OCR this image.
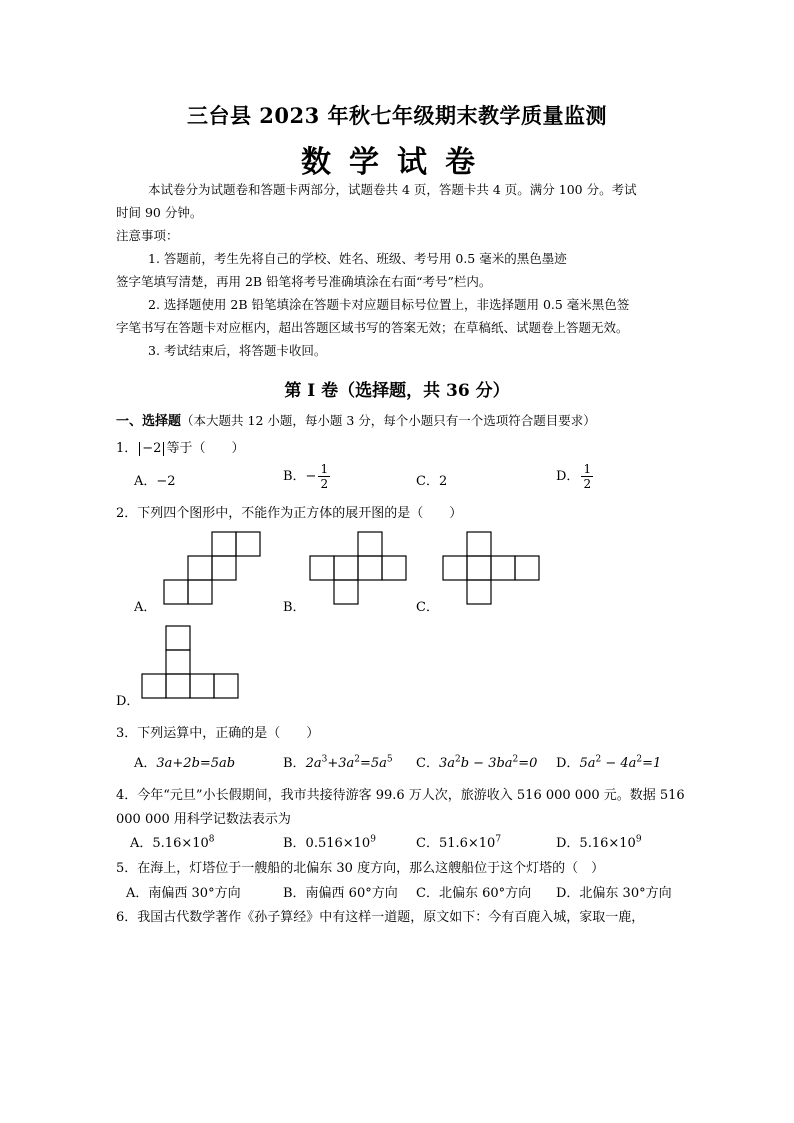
三台县 2023 年秋七年级期末教学质量监测
数学试卷
本试卷分为试题卷和答题卡两部分，试题卷共 4 页，答题卡共 4 页。满分 100 分。考试
时间 90 分钟。
注意事项：
1. 答题前，考生先将自己的学校、姓名、班级、考号用 0.5 毫米的黑色墨迹
签字笔填写清楚，再用 2B 铅笔将考号准确填涂在右面“考号”栏内。
2. 选择题使用 2B 铅笔填涂在答题卡对应题目标号位置上，非选择题用 0.5 毫米黑色签
字笔书写在答题卡对应框内，超出答题区域书写的答案无效；在草稿纸、试题卷上答题无效。
3. 考试结束后，将答题卡收回。
第 I 卷（选择题，共 36 分）
一、选择题（本大题共 12 小题，每小题 3 分，每个小题只有一个选项符合题目要求）
1． −2 等于（　　）
A．−2	B．− $\frac{1}{2}$	C．2	D． $\frac{1}{2}$
2．下列四个图形中，不能作为正方体的展开图的是（　　）
A．	B．	C．
D．
3．下列运算中，正确的是（　　）
A．3a+2b=5ab	B．$2a^3+3a^2=5a^5$ C．$3a^2b - 3ba^2=0$ D．$5a^2 - 4a^2=1$
4．今年“元旦”小长假期间，我市共接待游客 99.6 万人次，旅游收入 516 000 000 元。数据 516
000 000 用科学记数法表示为
A．$5.16\times 10^8$	B．$0.516\times 10^9$	C．$51.6\times 10^7$	D．$5.16\times 10^9$
5．在海上，灯塔位于一艘船的北偏东 30 度方向，那么这艘船位于这个灯塔的（　）
A．南偏西 30°方向	B．南偏西 60°方向 C．北偏东 60°方向 D．北偏东 30°方向
6．我国古代数学著作《孙子算经》中有这样一道题，原文如下：今有百鹿入城，家取一鹿，
